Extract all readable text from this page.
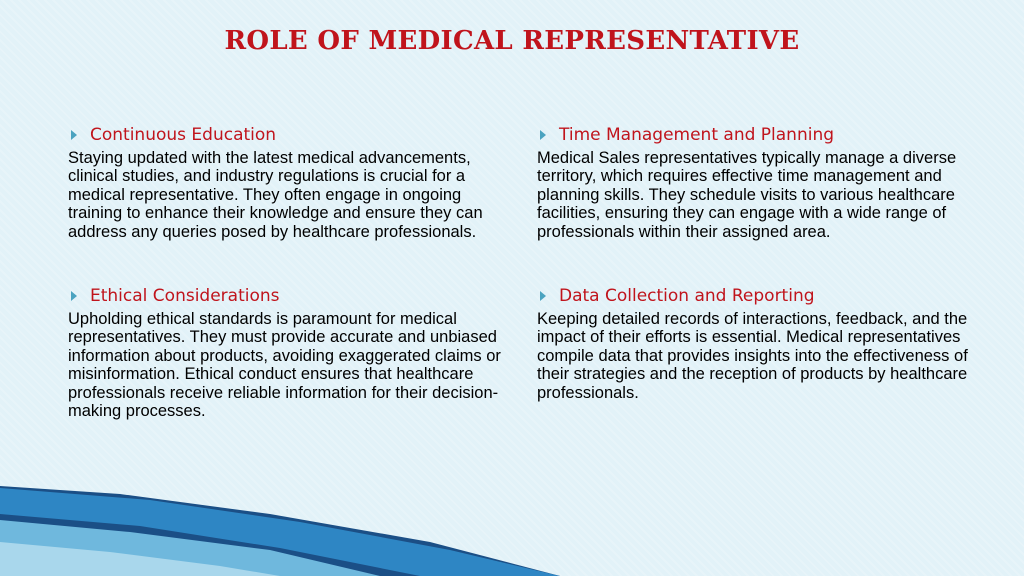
ROLE OF MEDICAL REPRESENTATIVE
Continuous Education
Staying updated with the latest medical advancements, clinical studies, and industry regulations is crucial for a medical representative. They often engage in ongoing training to enhance their knowledge and ensure they can address any queries posed by healthcare professionals.
Time Management and Planning
Medical Sales representatives typically manage a diverse territory, which requires effective time management and planning skills. They schedule visits to various healthcare facilities, ensuring they can engage with a wide range of professionals within their assigned area.
Ethical Considerations
Upholding ethical standards is paramount for medical representatives. They must provide accurate and unbiased information about products, avoiding exaggerated claims or misinformation. Ethical conduct ensures that healthcare professionals receive reliable information for their decision-making processes.
Data Collection and Reporting
Keeping detailed records of interactions, feedback, and the impact of their efforts is essential. Medical representatives compile data that provides insights into the effectiveness of their strategies and the reception of products by healthcare professionals.
